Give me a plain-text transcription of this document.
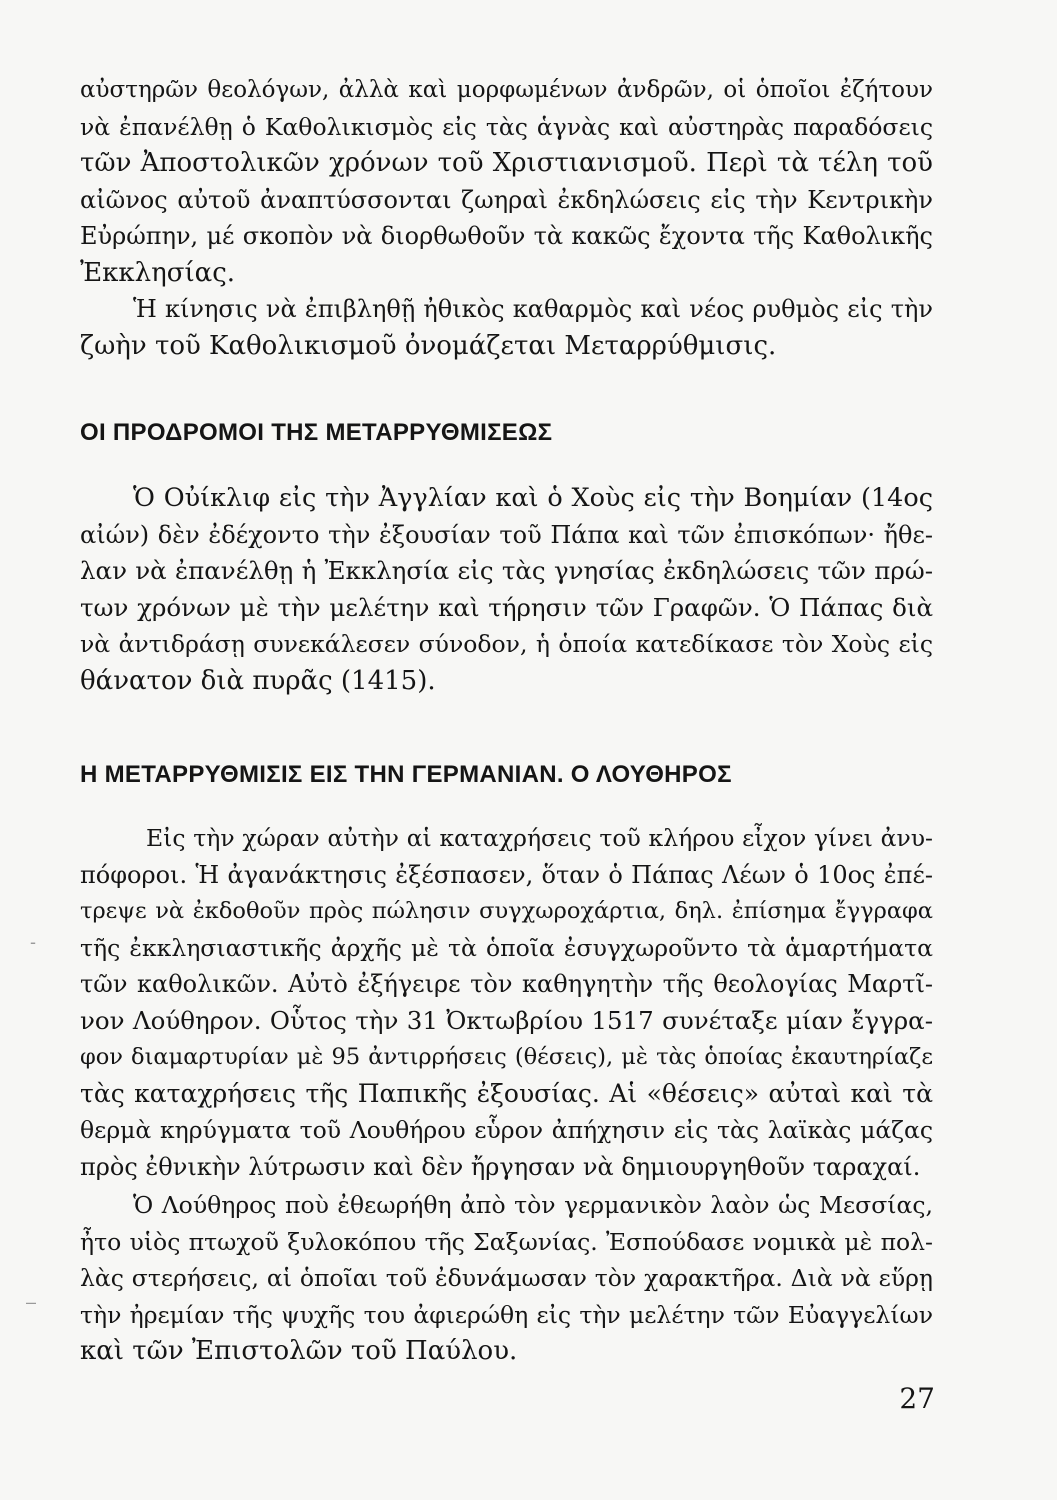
αὐστηρῶν θεολόγων, ἀλλὰ καὶ μορφωμένων ἀνδρῶν, οἱ ὁποῖοι ἐζήτουν
νὰ ἐπανέλθῃ ὁ Καθολικισμὸς εἰς τὰς ἁγνὰς καὶ αὐστηρὰς παραδόσεις
τῶν Ἀποστολικῶν χρόνων τοῦ Χριστιανισμοῦ. Περὶ τὰ τέλη τοῦ
αἰῶνος αὐτοῦ ἀναπτύσσονται ζωηραὶ ἐκδηλώσεις εἰς τὴν Κεντρικὴν
Εὐρώπην, μέ σκοπὸν νὰ διορθωθοῦν τὰ κακῶς ἔχοντα τῆς Καθολικῆς
Ἐκκλησίας.

Ἡ κίνησις νὰ ἐπιβληθῇ ἠθικὸς καθαρμὸς καὶ νέος ρυθμὸς εἰς τὴν
ζωὴν τοῦ Καθολικισμοῦ ὀνομάζεται Μεταρρύθμισις.

ΟΙ ΠΡΟΔΡΟΜΟΙ ΤΗΣ ΜΕΤΑΡΡΥΘΜΙΣΕΩΣ

Ὁ Οὐίκλιφ εἰς τὴν Ἀγγλίαν καὶ ὁ Χοὺς εἰς τὴν Βοημίαν (14ος
αἰών) δὲν ἐδέχοντο τὴν ἐξουσίαν τοῦ Πάπα καὶ τῶν ἐπισκόπων· ἤθε-
λαν νὰ ἐπανέλθῃ ἡ Ἐκκλησία εἰς τὰς γνησίας ἐκδηλώσεις τῶν πρώ-
των χρόνων μὲ τὴν μελέτην καὶ τήρησιν τῶν Γραφῶν. Ὁ Πάπας διὰ
νὰ ἀντιδράσῃ συνεκάλεσεν σύνοδον, ἡ ὁποία κατεδίκασε τὸν Χοὺς εἰς
θάνατον διὰ πυρᾶς (1415).

Η ΜΕΤΑΡΡΥΘΜΙΣΙΣ ΕΙΣ ΤΗΝ ΓΕΡΜΑΝΙΑΝ. Ο ΛΟΥΘΗΡΟΣ

Εἰς τὴν χώραν αὐτὴν αἱ καταχρήσεις τοῦ κλήρου εἶχον γίνει ἀνυ-
πόφοροι. Ἡ ἀγανάκτησις ἐξέσπασεν, ὅταν ὁ Πάπας Λέων ὁ 10ος ἐπέ-
τρεψε νὰ ἐκδοθοῦν πρὸς πώλησιν συγχωροχάρτια, δηλ. ἐπίσημα ἔγγραφα
τῆς ἐκκλησιαστικῆς ἀρχῆς μὲ τὰ ὁποῖα ἐσυγχωροῦντο τὰ ἁμαρτήματα
τῶν καθολικῶν. Αὐτὸ ἐξήγειρε τὸν καθηγητὴν τῆς θεολογίας Μαρτῖ-
νον Λούθηρον. Οὗτος τὴν 31 Ὀκτωβρίου 1517 συνέταξε μίαν ἔγγρα-
φον διαμαρτυρίαν μὲ 95 ἀντιρρήσεις (θέσεις), μὲ τὰς ὁποίας ἐκαυτηρίαζε
τὰς καταχρήσεις τῆς Παπικῆς ἐξουσίας. Αἱ «θέσεις» αὐταὶ καὶ τὰ
θερμὰ κηρύγματα τοῦ Λουθήρου εὗρον ἀπήχησιν εἰς τὰς λαϊκὰς μάζας
πρὸς ἐθνικὴν λύτρωσιν καὶ δὲν ἤργησαν νὰ δημιουργηθοῦν ταραχαί.

Ὁ Λούθηρος ποὺ ἐθεωρήθη ἀπὸ τὸν γερμανικὸν λαὸν ὡς Μεσσίας,
ἦτο υἱὸς πτωχοῦ ξυλοκόπου τῆς Σαξωνίας. Ἐσπούδασε νομικὰ μὲ πολ-
λὰς στερήσεις, αἱ ὁποῖαι τοῦ ἐδυνάμωσαν τὸν χαρακτῆρα. Διὰ νὰ εὕρῃ
τὴν ἠρεμίαν τῆς ψυχῆς του ἀφιερώθη εἰς τὴν μελέτην τῶν Εὐαγγελίων
καὶ τῶν Ἐπιστολῶν τοῦ Παύλου.

-
–
27
